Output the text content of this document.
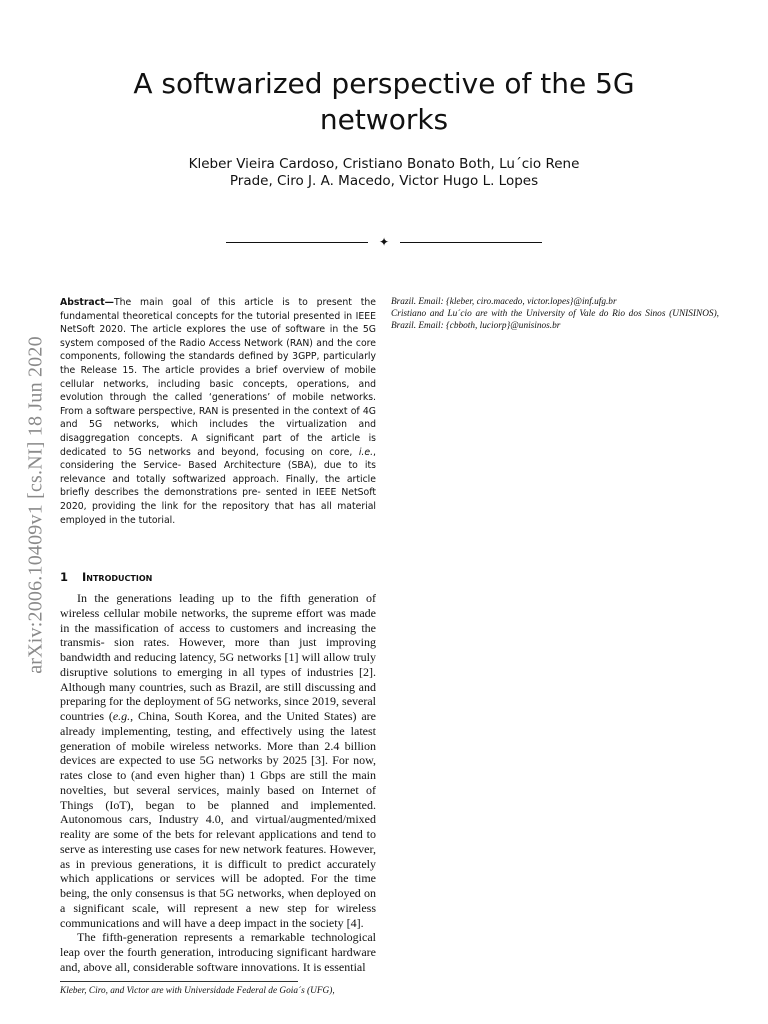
A softwarized perspective of the 5G networks
Kleber Vieira Cardoso, Cristiano Bonato Both, Lu´cio Rene
Prade, Ciro J. A. Macedo, Victor Hugo L. Lopes
✦
arXiv:2006.10409v1 [cs.NI] 18 Jun 2020
Abstract—The main goal of this article is to present the fundamental theoretical concepts for the tutorial presented in IEEE NetSoft 2020. The article explores the use of software in the 5G system composed of the Radio Access Network (RAN) and the core components, following the standards defined by 3GPP, particularly the Release 15. The article provides a brief overview of mobile cellular networks, including basic concepts, operations, and evolution through the called ‘generations’ of mobile networks. From a software perspective, RAN is presented in the context of 4G and 5G networks, which includes the virtualization and disaggregation concepts. A significant part of the article is dedicated to 5G networks and beyond, focusing on core, i.e., considering the Service- Based Architecture (SBA), due to its relevance and totally softwarized approach. Finally, the article briefly describes the demonstrations pre- sented in IEEE NetSoft 2020, providing the link for the repository that has all material employed in the tutorial.
1 Introduction

In the generations leading up to the fifth generation of wireless cellular mobile networks, the supreme effort was made in the massification of access to customers and increasing the transmis- sion rates. However, more than just improving bandwidth and reducing latency, 5G networks [1] will allow truly disruptive solutions to emerging in all types of industries [2]. Although many countries, such as Brazil, are still discussing and preparing for the deployment of 5G networks, since 2019, several countries (e.g., China, South Korea, and the United States) are already implementing, testing, and effectively using the latest generation of mobile wireless networks. More than 2.4 billion devices are expected to use 5G networks by 2025 [3]. For now, rates close to (and even higher than) 1 Gbps are still the main novelties, but several services, mainly based on Internet of Things (IoT), began to be planned and implemented. Autonomous cars, Industry 4.0, and virtual/augmented/mixed reality are some of the bets for relevant applications and tend to serve as interesting use cases for new network features. However, as in previous generations, it is difficult to predict accurately which applications or services will be adopted. For the time being, the only consensus is that 5G networks, when deployed on a significant scale, will represent a new step for wireless communications and will have a deep impact in the society [4].

The fifth-generation represents a remarkable technological leap over the fourth generation, introducing significant hardware and, above all, considerable software innovations. It is essential

Kleber, Ciro, and Victor are with Universidade Federal de Goia´s (UFG),

Brazil. Email: {kleber, ciro.macedo, victor.lopes}@inf.ufg.br

Cristiano and Lu´cio are with the University of Vale do Rio dos Sinos (UNISINOS), Brazil. Email: {cbboth, luciorp}@unisinos.br
